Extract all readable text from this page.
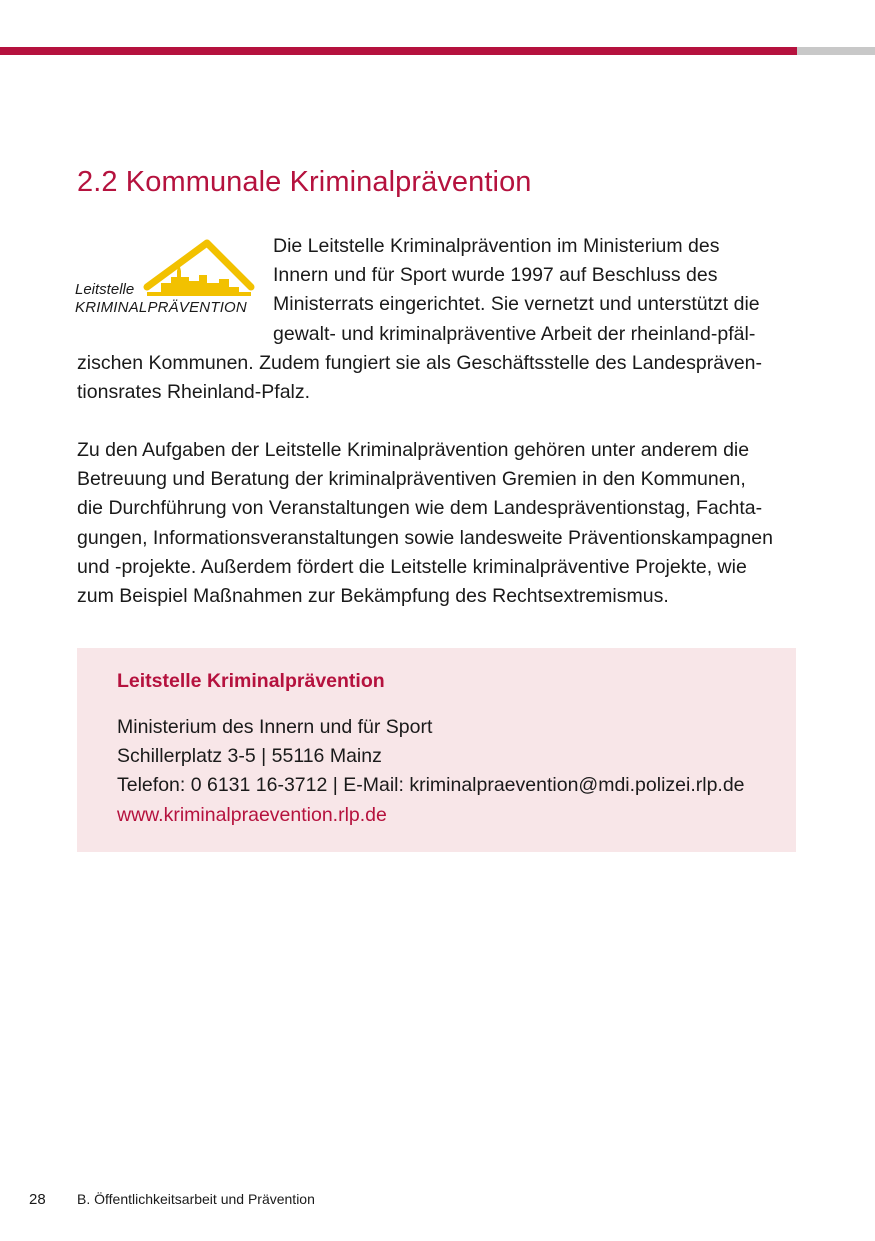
2.2 Kommunale Kriminalprävention
Leitstelle
KRIMINALPRÄVENTION

Die Leitstelle Kriminalprävention im Ministerium des
Innern und für Sport wurde 1997 auf Beschluss des
Ministerrats eingerichtet. Sie vernetzt und unterstützt die
gewalt- und kriminalpräventive Arbeit der rheinland-pfäl-

zischen Kommunen. Zudem fungiert sie als Geschäftsstelle des Landespräven-
tionsrates Rheinland-Pfalz.

Zu den Aufgaben der Leitstelle Kriminalprävention gehören unter anderem die
Betreuung und Beratung der kriminalpräventiven Gremien in den Kommunen,
die Durchführung von Veranstaltungen wie dem Landespräventionstag, Fachta-
gungen, Informationsveranstaltungen sowie landesweite Präventionskampagnen
und -projekte. Außerdem fördert die Leitstelle kriminalpräventive Projekte, wie
zum Beispiel Maßnahmen zur Bekämpfung des Rechtsextremismus.

Leitstelle Kriminalprävention
Ministerium des Innern und für Sport
Schillerplatz 3-5 | 55116 Mainz
Telefon: 0 6131 16-3712 | E-Mail: kriminalpraevention@mdi.polizei.rlp.de
www.kriminalpraevention.rlp.de
28 B. Öffentlichkeitsarbeit und Prävention
